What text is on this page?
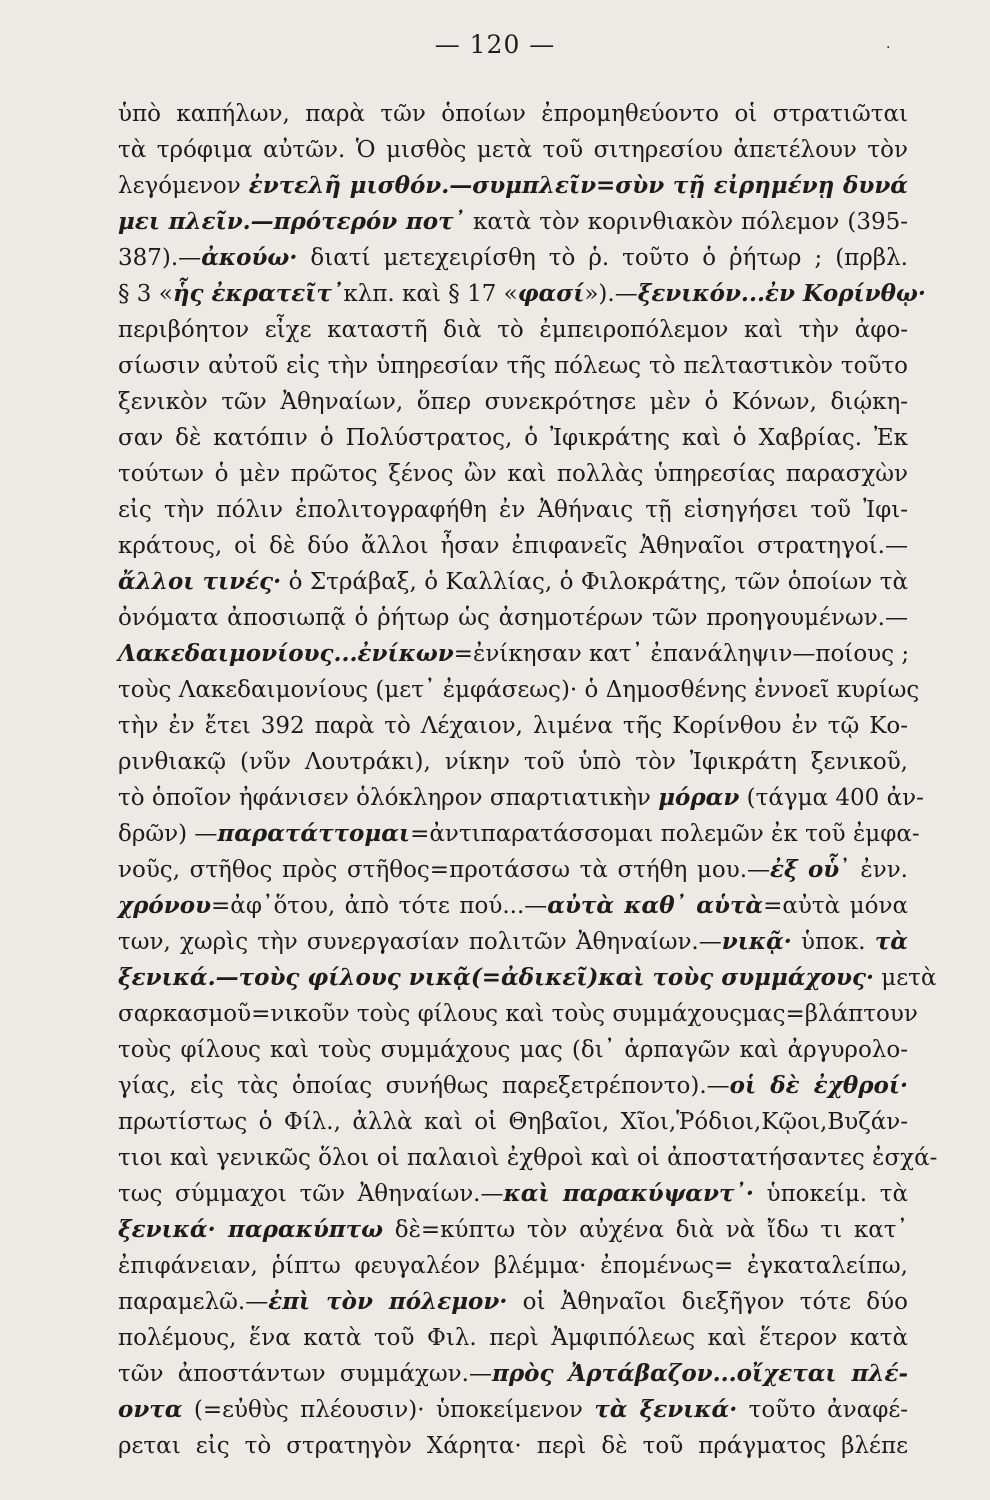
— 120 —	.
ὑπὸ καπήλων, παρὰ τῶν ὁποίων ἐπρομηθεύοντο οἱ στρατιῶται
τὰ τρόφιμα αὐτῶν. Ὁ μισθὸς μετὰ τοῦ σιτηρεσίου ἀπετέλουν τὸν
λεγόμενον ἐντελῆ μισθόν.—συμπλεῖν=σὺν τῇ εἰρημένῃ δυνά
μει πλεῖν.—πρότερόν ποτ᾽ κατὰ τὸν κορινθιακὸν πόλεμον (395-
387).—ἀκούω· διατί μετεχειρίσθη τὸ ῥ. τοῦτο ὁ ῥήτωρ ; (πρβλ.
§ 3 «ἧς ἐκρατεῖτ᾽κλπ. καὶ § 17 «φασί»).—ξενικόν...ἐν Κορίνθῳ·
περιβόητον εἶχε καταστῆ διὰ τὸ ἐμπειροπόλεμον καὶ τὴν ἀφο-
σίωσιν αὐτοῦ εἰς τὴν ὑπηρεσίαν τῆς πόλεως τὸ πελταστικὸν τοῦτο
ξενικὸν τῶν Ἀθηναίων, ὅπερ συνεκρότησε μὲν ὁ Κόνων, διῴκη-
σαν δὲ κατόπιν ὁ Πολύστρατος, ὁ Ἰφικράτης καὶ ὁ Χαβρίας. Ἐκ
τούτων ὁ μὲν πρῶτος ξένος ὢν καὶ πολλὰς ὑπηρεσίας παρασχὼν
εἰς τὴν πόλιν ἐπολιτογραφήθη ἐν Ἀθήναις τῇ εἰσηγήσει τοῦ Ἰφι-
κράτους, οἱ δὲ δύο ἄλλοι ἦσαν ἐπιφανεῖς Ἀθηναῖοι στρατηγοί.—
ἄλλοι τινές· ὁ Στράβαξ, ὁ Καλλίας, ὁ Φιλοκράτης, τῶν ὁποίων τὰ
ὀνόματα ἀποσιωπᾷ ὁ ῥήτωρ ὡς ἀσημοτέρων τῶν προηγουμένων.—
Λακεδαιμονίους...ἐνίκων=ἐνίκησαν κατ᾽ ἐπανάληψιν—ποίους ;
τοὺς Λακεδαιμονίους (μετ᾽ ἐμφάσεως)· ὁ Δημοσθένης ἐννοεῖ κυρίως
τὴν ἐν ἔτει 392 παρὰ τὸ Λέχαιον, λιμένα τῆς Κορίνθου ἐν τῷ Κο-
ρινθιακῷ (νῦν Λουτράκι), νίκην τοῦ ὑπὸ τὸν Ἰφικράτη ξενικοῦ,
τὸ ὁποῖον ἠφάνισεν ὁλόκληρον σπαρτιατικὴν μόραν (τάγμα 400 ἀν-
δρῶν) —παρατάττομαι=ἀντιπαρατάσσομαι πολεμῶν ἐκ τοῦ ἐμφα-
νοῦς, στῆθος πρὸς στῆθος=προτάσσω τὰ στήθη μου.—ἐξ οὗ᾽ ἐνν.
χρόνου=ἀφ᾽ὅτου, ἀπὸ τότε πού...—αὐτὰ καθ᾽ αὑτὰ=αὐτὰ μόνα
των, χωρὶς τὴν συνεργασίαν πολιτῶν Ἀθηναίων.—νικᾷ· ὑποκ. τὰ
ξενικά.—τοὺς φίλους νικᾷ(=ἀδικεῖ)καὶ τοὺς συμμάχους· μετὰ
σαρκασμοῦ=νικοῦν τοὺς φίλους καὶ τοὺς συμμάχουςμας=βλάπτουν
τοὺς φίλους καὶ τοὺς συμμάχους μας (δι᾽ ἁρπαγῶν καὶ ἀργυρολο-
γίας, εἰς τὰς ὁποίας συνήθως παρεξετρέποντο).—οἱ δὲ ἐχθροί·
πρωτίστως ὁ Φίλ., ἀλλὰ καὶ οἱ Θηβαῖοι, Χῖοι,Ῥόδιοι,Κῷοι,Βυζάν-
τιοι καὶ γενικῶς ὅλοι οἱ παλαιοὶ ἐχθροὶ καὶ οἱ ἀποστατήσαντες ἐσχά-
τως σύμμαχοι τῶν Ἀθηναίων.—καὶ παρακύψαντ᾽· ὑποκείμ. τὰ
ξενικά· παρακύπτω δὲ=κύπτω τὸν αὐχένα διὰ νὰ ἴδω τι κατ᾽
ἐπιφάνειαν, ῥίπτω φευγαλέον βλέμμα· ἐπομένως= ἐγκαταλείπω,
παραμελῶ.—ἐπὶ τὸν πόλεμον· οἱ Ἀθηναῖοι διεξῆγον τότε δύο
πολέμους, ἕνα κατὰ τοῦ Φιλ. περὶ Ἀμφιπόλεως καὶ ἕτερον κατὰ
τῶν ἀποστάντων συμμάχων.—πρὸς Ἀρτάβαζον...οἴχεται πλέ-
οντα (=εὐθὺς πλέουσιν)· ὑποκείμενον τὰ ξενικά· τοῦτο ἀναφέ-
ρεται εἰς τὸ στρατηγὸν Χάρητα· περὶ δὲ τοῦ πράγματος βλέπε
